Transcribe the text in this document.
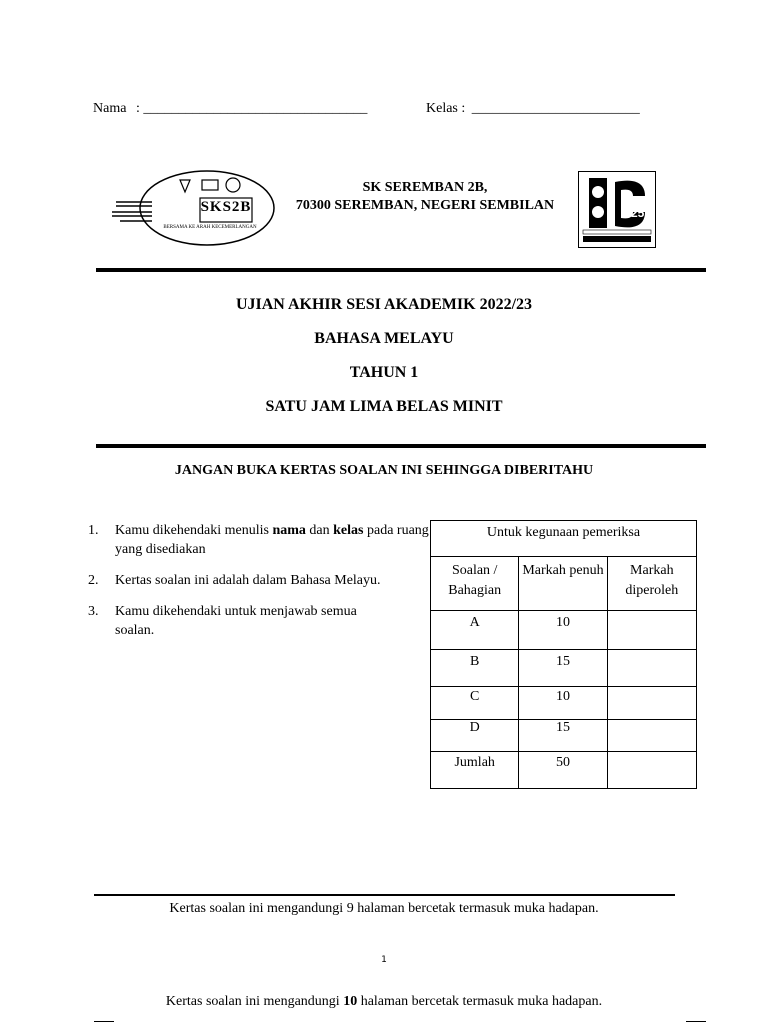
Nama : ________________________________	Kelas : ________________________
SKS2B
BERSAMA KE ARAH KECEMERLANGAN
SK SEREMBAN 2B,
70300 SEREMBAN, NEGERI SEMBILAN	25
UJIAN AKHIR SESI AKADEMIK 2022/23
BAHASA MELAYU
TAHUN 1
SATU JAM LIMA BELAS MINIT
JANGAN BUKA KERTAS SOALAN INI SEHINGGA DIBERITAHU
1. Kamu dikehendaki menulis nama dan kelas pada ruang yang disediakan
2. Kertas soalan ini adalah dalam Bahasa Melayu.
3. Kamu dikehendaki untuk menjawab semua soalan.
Untuk kegunaan pemeriksa		
Soalan / Bahagian	Markah penuh	Markah diperoleh
A	10	
B	15	
C	10	
D	15	
Jumlah	50	
Kertas soalan ini mengandungi 9 halaman bercetak termasuk muka hadapan.
1
Kertas soalan ini mengandungi 10 halaman bercetak termasuk muka hadapan.
